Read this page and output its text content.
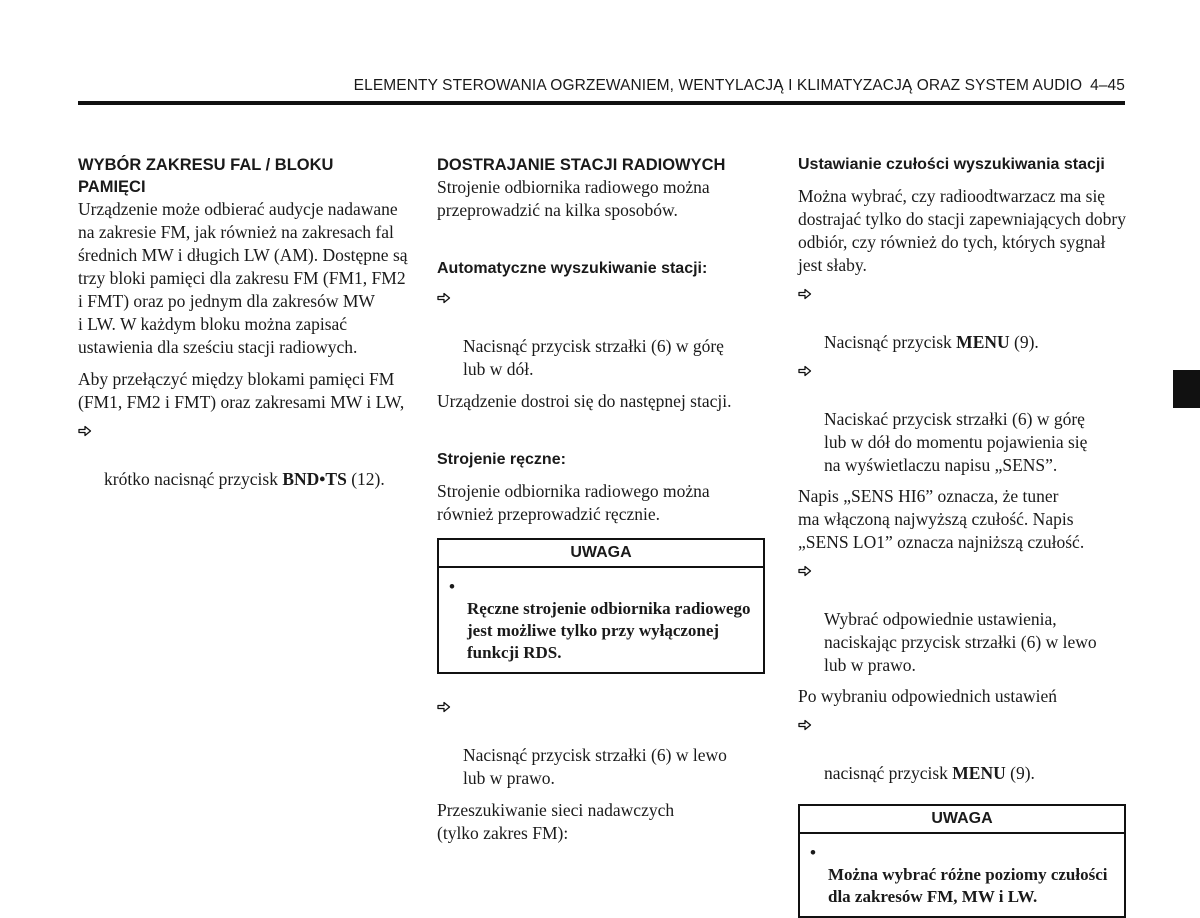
ELEMENTY STEROWANIA OGRZEWANIEM, WENTYLACJĄ I KLIMATYZACJĄ ORAZ SYSTEM AUDIO 4–45

WYBÓR ZAKRESU FAL / BLOKU
PAMIĘCI

Urządzenie może odbierać audycje nadawane
na zakresie FM, jak również na zakresach fal
średnich MW i długich LW (AM). Dostępne są
trzy bloki pamięci dla zakresu FM (FM1, FM2
i FMT) oraz po jednym dla zakresów MW
i LW. W każdym bloku można zapisać
ustawienia dla sześciu stacji radiowych.

Aby przełączyć między blokami pamięci FM
(FM1, FM2 i FMT) oraz zakresami MW i LW,

krótko nacisnąć przycisk BND•TS (12).

DOSTRAJANIE STACJI RADIOWYCH

Strojenie odbiornika radiowego można
przeprowadzić na kilka sposobów.

Automatyczne wyszukiwanie stacji:

Nacisnąć przycisk strzałki (6) w górę
lub w dół.

Urządzenie dostroi się do następnej stacji.

Strojenie ręczne:

Strojenie odbiornika radiowego można
również przeprowadzić ręcznie.

UWAGA

•
Ręczne strojenie odbiornika radiowego
jest możliwe tylko przy wyłączonej
funkcji RDS.

Nacisnąć przycisk strzałki (6) w lewo
lub w prawo.

Przeszukiwanie sieci nadawczych
(tylko zakres FM):

Ustawianie czułości wyszukiwania stacji

Można wybrać, czy radioodtwarzacz ma się
dostrajać tylko do stacji zapewniających dobry
odbiór, czy również do tych, których sygnał
jest słaby.

Nacisnąć przycisk MENU (9).

Naciskać przycisk strzałki (6) w górę
lub w dół do momentu pojawienia się
na wyświetlaczu napisu „SENS”.

Napis „SENS HI6” oznacza, że tuner
ma włączoną najwyższą czułość. Napis
„SENS LO1” oznacza najniższą czułość.

Wybrać odpowiednie ustawienia,
naciskając przycisk strzałki (6) w lewo
lub w prawo.

Po wybraniu odpowiednich ustawień

nacisnąć przycisk MENU (9).

UWAGA

•
Można wybrać różne poziomy czułości
dla zakresów FM, MW i LW.
